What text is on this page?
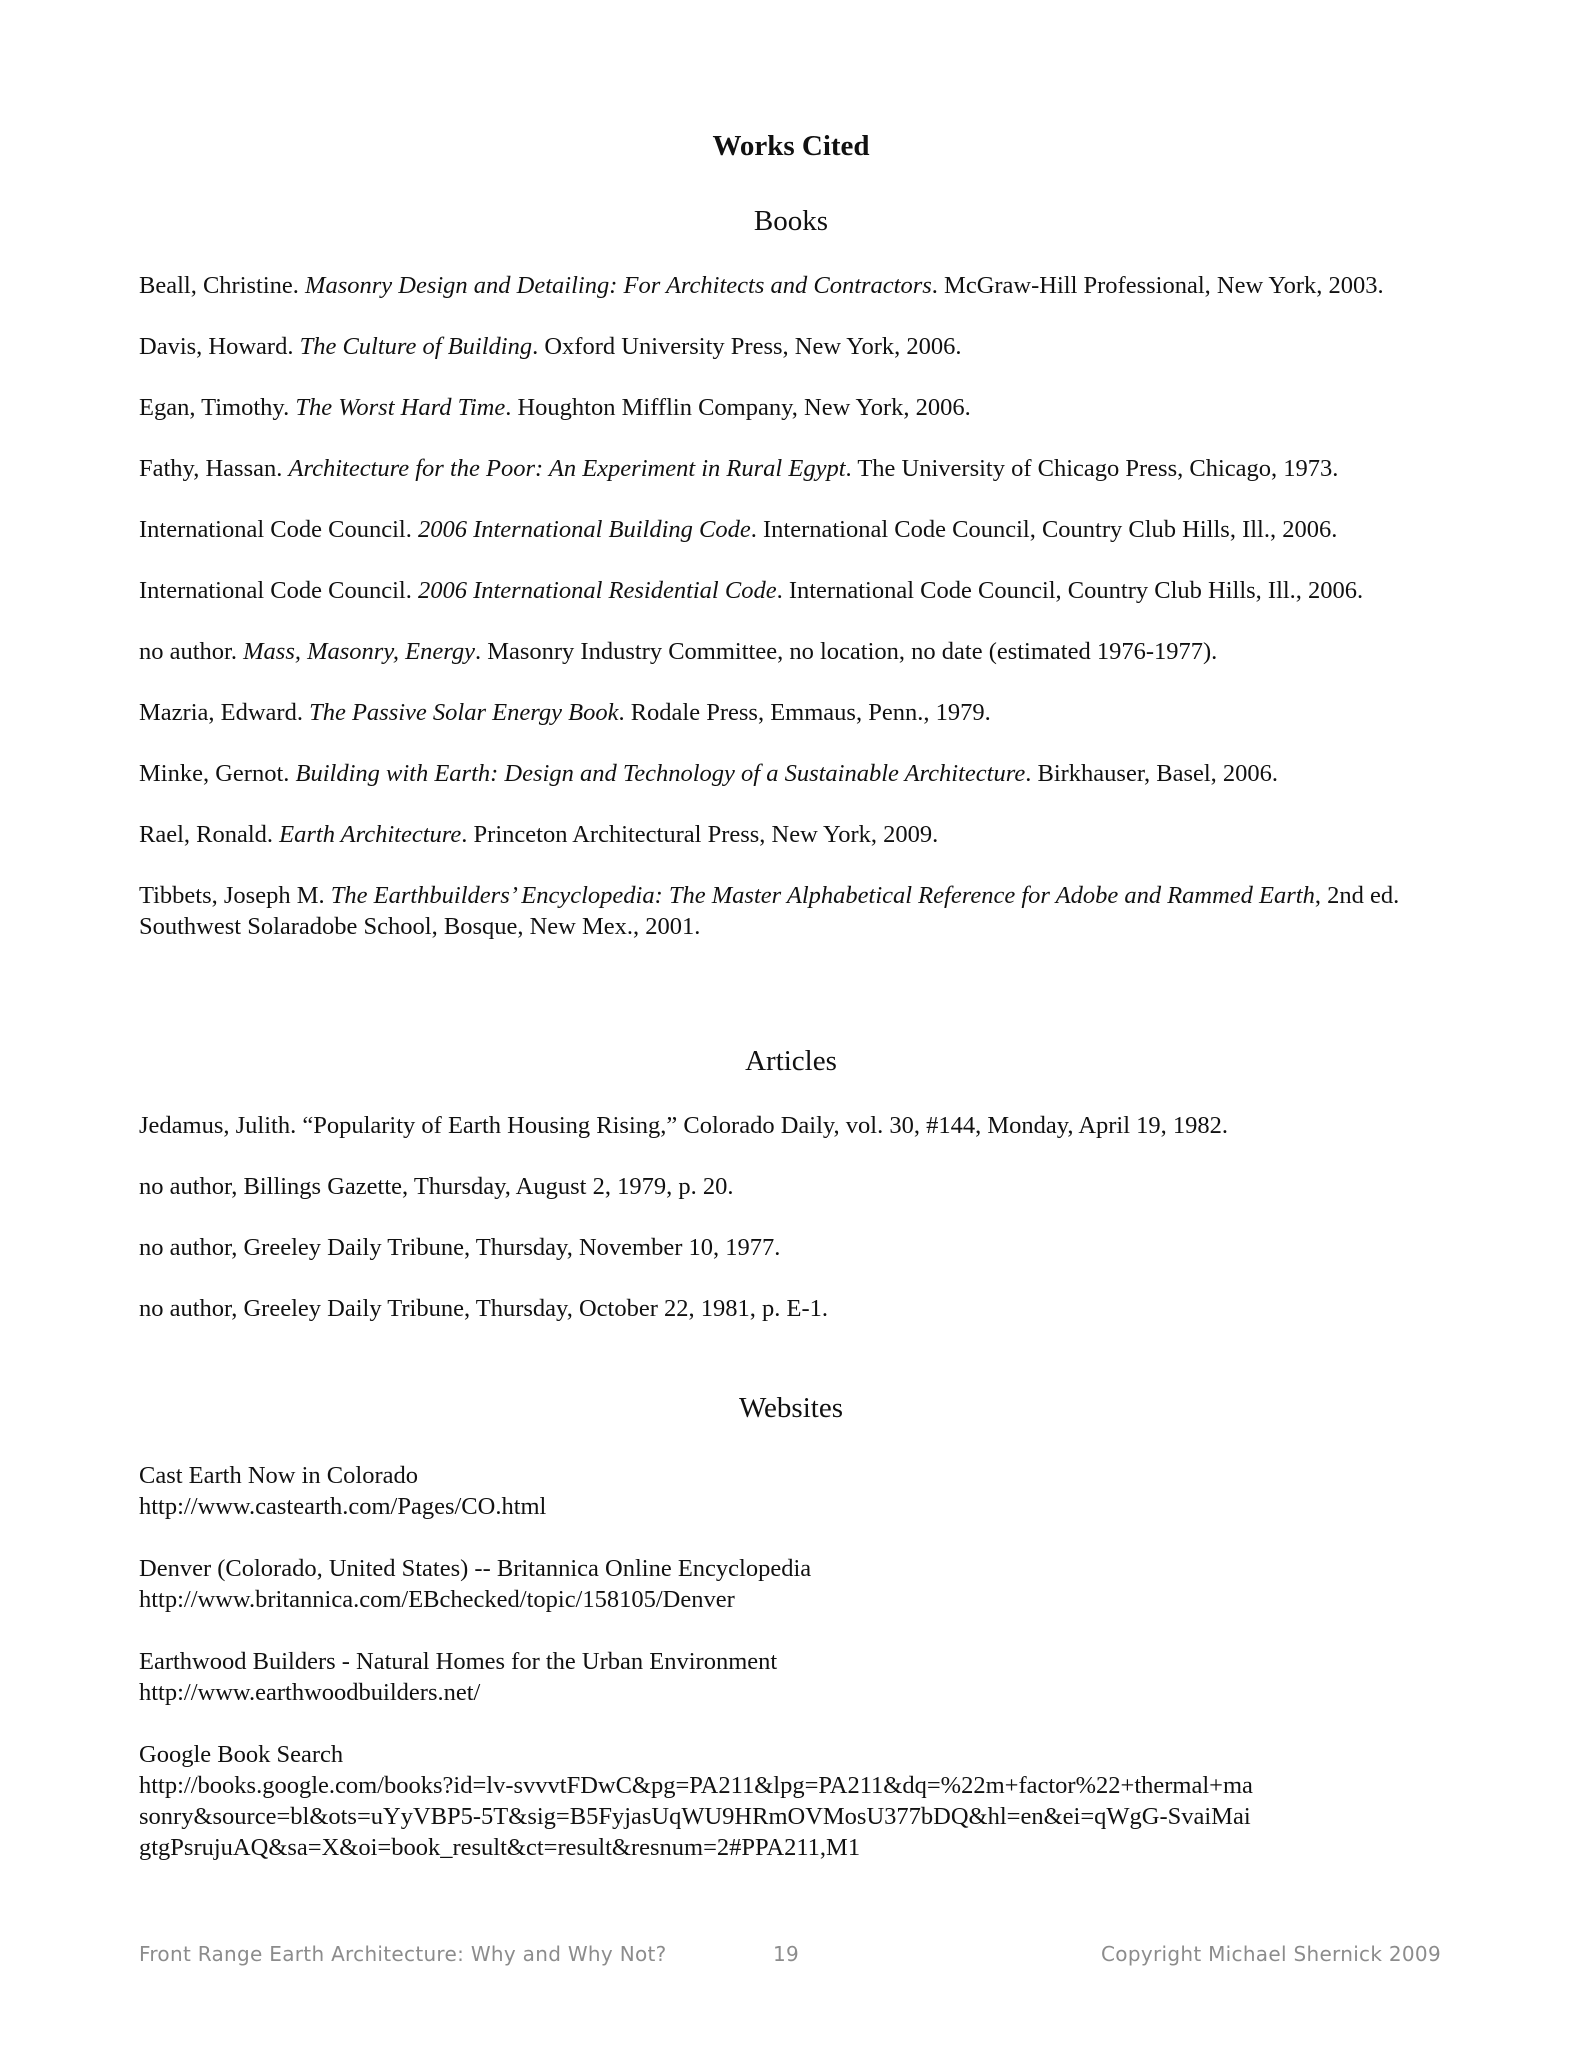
Works Cited
Books

Beall, Christine. Masonry Design and Detailing: For Architects and Contractors. McGraw-Hill Professional, New York, 2003.

Davis, Howard. The Culture of Building. Oxford University Press, New York, 2006.

Egan, Timothy. The Worst Hard Time. Houghton Mifflin Company, New York, 2006.

Fathy, Hassan. Architecture for the Poor: An Experiment in Rural Egypt. The University of Chicago Press, Chicago, 1973.

International Code Council. 2006 International Building Code. International Code Council, Country Club Hills, Ill., 2006.

International Code Council. 2006 International Residential Code. International Code Council, Country Club Hills, Ill., 2006.

no author. Mass, Masonry, Energy. Masonry Industry Committee, no location, no date (estimated 1976-1977).

Mazria, Edward. The Passive Solar Energy Book. Rodale Press, Emmaus, Penn., 1979.

Minke, Gernot. Building with Earth: Design and Technology of a Sustainable Architecture. Birkhauser, Basel, 2006.

Rael, Ronald. Earth Architecture. Princeton Architectural Press, New York, 2009.

Tibbets, Joseph M. The Earthbuilders’ Encyclopedia: The Master Alphabetical Reference for Adobe and Rammed Earth, 2nd ed. Southwest Solaradobe School, Bosque, New Mex., 2001.

Articles

Jedamus, Julith. “Popularity of Earth Housing Rising,” Colorado Daily, vol. 30, #144, Monday, April 19, 1982.

no author, Billings Gazette, Thursday, August 2, 1979, p. 20.

no author, Greeley Daily Tribune, Thursday, November 10, 1977.

no author, Greeley Daily Tribune, Thursday, October 22, 1981, p. E-1.

Websites
Cast Earth Now in Colorado
http://www.castearth.com/Pages/CO.html
Denver (Colorado, United States) -- Britannica Online Encyclopedia
http://www.britannica.com/EBchecked/topic/158105/Denver
Earthwood Builders - Natural Homes for the Urban Environment
http://www.earthwoodbuilders.net/
Google Book Search
http://books.google.com/books?id=lv-svvvtFDwC&pg=PA211&lpg=PA211&dq=%22m+factor%22+thermal+masonry&source=bl&ots=uYyVBP5-5T&sig=B5FyjasUqWU9HRmOVMosU377bDQ&hl=en&ei=qWgG-SvaiMaigtgPsrujuAQ&sa=X&oi=book_result&ct=result&resnum=2#PPA211,M1
Front Range Earth Architecture: Why and Why Not?	19	Copyright Michael Shernick 2009
